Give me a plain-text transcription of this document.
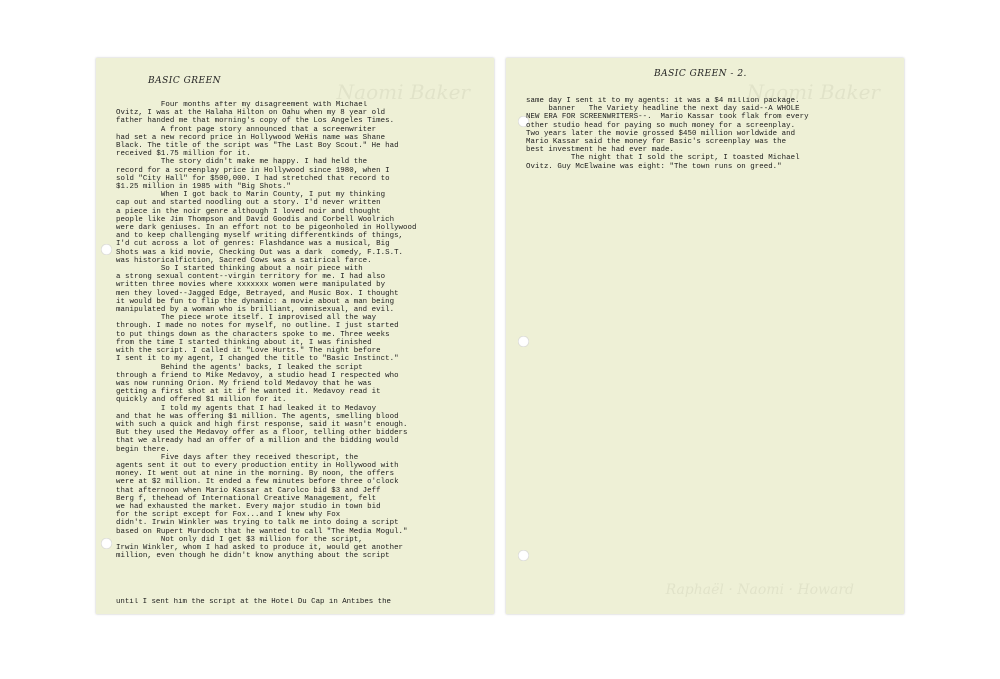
Naomi Baker
BASIC GREEN
Four months after my disagreement with Michael
Ovitz, I was at the Halaha Hilton on Oahu when my 8 year old
father handed me that morning's copy of the Los Angeles Times.
A front page story announced that a screenwriter
had set a new record price in Hollywood WeHis name was Shane
Black. The title of the script was "The Last Boy Scout." He had
received $1.75 million for it.
The story didn't make me happy. I had held the
record for a screenplay price in Hollywood since 1980, when I
sold "City Hall" for $500,000. I had stretched that record to
$1.25 million in 1985 with "Big Shots."
When I got back to Marin County, I put my thinking
cap out and started noodling out a story. I'd never written
a piece in the noir genre although I loved noir and thought
people like Jim Thompson and David Goodis and Corbell Woolrich
were dark geniuses. In an effort not to be pigeonholed in Hollywood
and to keep challenging myself writing differentkinds of things,
I'd cut across a lot of genres: Flashdance was a musical, Big
Shots was a kid movie, Checking Out was a dark  comedy, F.I.S.T.
was historicalfiction, Sacred Cows was a satirical farce.
So I started thinking about a noir piece with
a strong sexual content--virgin territory for me. I had also
written three movies where xxxxxxx women were manipulated by
men they loved--Jagged Edge, Betrayed, and Music Box. I thought
it would be fun to flip the dynamic: a movie about a man being
manipulated by a woman who is brilliant, omnisexual, and evil.
The piece wrote itself. I improvised all the way
through. I made no notes for myself, no outline. I just started
to put things down as the characters spoke to me. Three weeks
from the time I started thinking about it, I was finished
with the script. I called it "Love Hurts." The night before
I sent it to my agent, I changed the title to "Basic Instinct."
Behind the agents' backs, I leaked the script
through a friend to Mike Medavoy, a studio head I respected who
was now running Orion. My friend told Medavoy that he was
getting a first shot at it if he wanted it. Medavoy read it
quickly and offered $1 million for it.
I told my agents that I had leaked it to Medavoy
and that he was offering $1 million. The agents, smelling blood
with such a quick and high first response, said it wasn't enough.
But they used the Medavoy offer as a floor, telling other bidders
that we already had an offer of a million and the bidding would
begin there.
Five days after they received thescript, the
agents sent it out to every production entity in Hollywood with
money. It went out at nine in the morning. By noon, the offers
were at $2 million. It ended a few minutes before three o'clock
that afternoon when Mario Kassar at Carolco bid $3 and Jeff
Berg f, thehead of International Creative Management, felt
we had exhausted the market. Every major studio in town bid
for the script except for Fox...and I knew why Fox
didn't. Irwin Winkler was trying to talk me into doing a script
based on Rupert Murdoch that he wanted to call "The Media Mogul."
Not only did I get $3 million for the script,
Irwin Winkler, whom I had asked to produce it, would get another
million, even though he didn't know anything about the script
until I sent him the script at the Hotel Du Cap in Antibes the
Naomi Baker
Raphaël · Naomi · Howard
BASIC GREEN - 2.
same day I sent it to my agents: it was a $4 million package.
banner   The Variety headline the next day said--A WHOLE
NEW ERA FOR SCREENWRITERS--.  Mario Kassar took flak from every
other studio head for paying so much money for a screenplay.
Two years later the movie grossed $450 million worldwide and
Mario Kassar said the money for Basic's screenplay was the
best investment he had ever made.
The night that I sold the script, I toasted Michael
Ovitz. Guy McElwaine was eight: "The town runs on greed."
